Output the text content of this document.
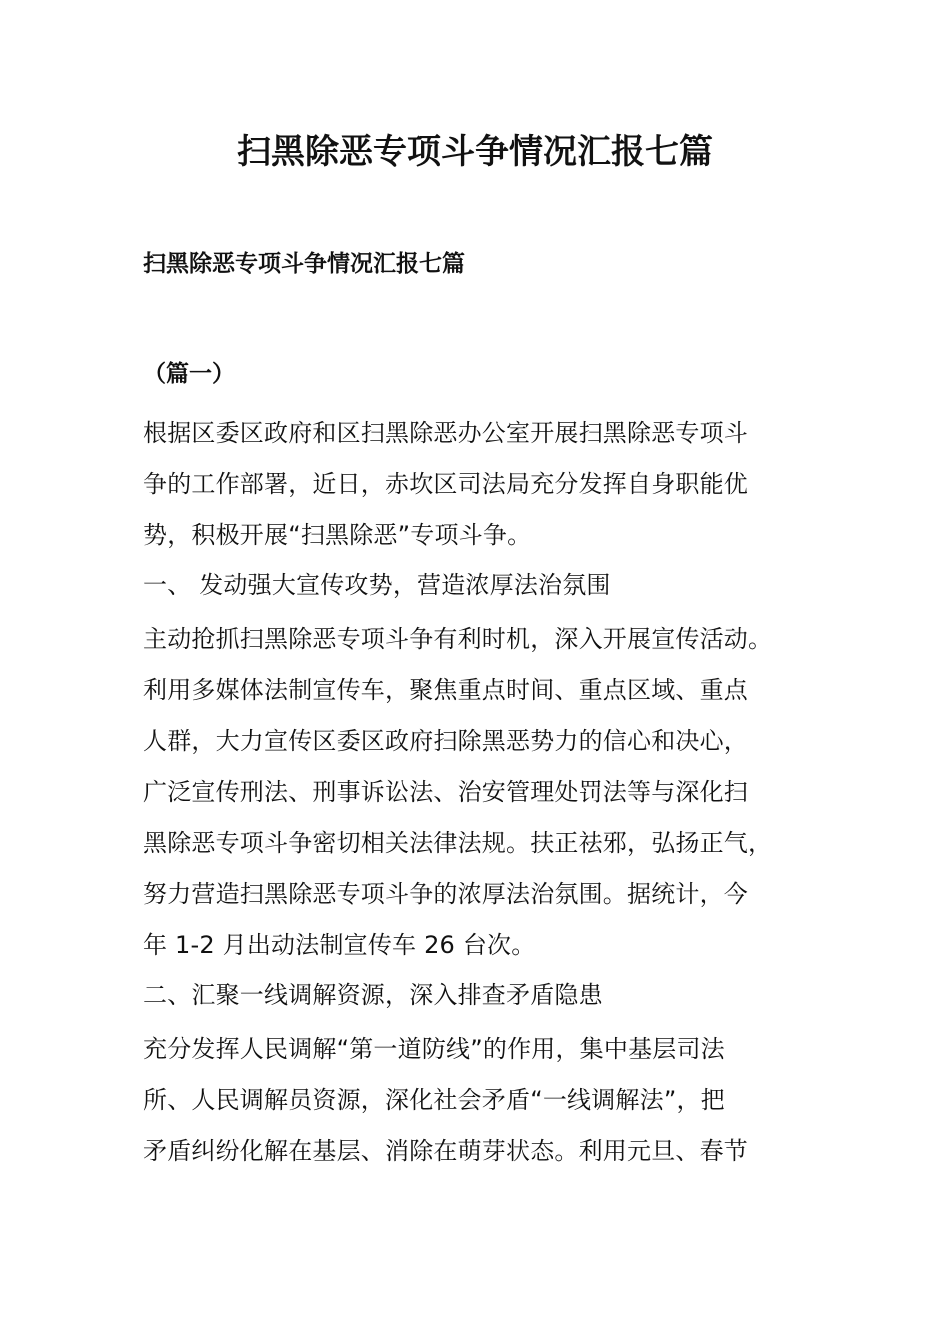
扫黑除恶专项斗争情况汇报七篇
扫黑除恶专项斗争情况汇报七篇
（篇一）

根据区委区政府和区扫黑除恶办公室开展扫黑除恶专项斗
争的工作部署，近日，赤坎区司法局充分发挥自身职能优
势，积极开展“扫黑除恶”专项斗争。

一、 发动强大宣传攻势，营造浓厚法治氛围

主动抢抓扫黑除恶专项斗争有利时机，深入开展宣传活动。
利用多媒体法制宣传车，聚焦重点时间、重点区域、重点
人群，大力宣传区委区政府扫除黑恶势力的信心和决心，
广泛宣传刑法、刑事诉讼法、治安管理处罚法等与深化扫
黑除恶专项斗争密切相关法律法规。扶正祛邪，弘扬正气，
努力营造扫黑除恶专项斗争的浓厚法治氛围。据统计，今
年 1-2 月出动法制宣传车 26 台次。

二、汇聚一线调解资源，深入排查矛盾隐患

充分发挥人民调解“第一道防线”的作用，集中基层司法
所、人民调解员资源，深化社会矛盾“一线调解法”，把
矛盾纠纷化解在基层、消除在萌芽状态。利用元旦、春节
